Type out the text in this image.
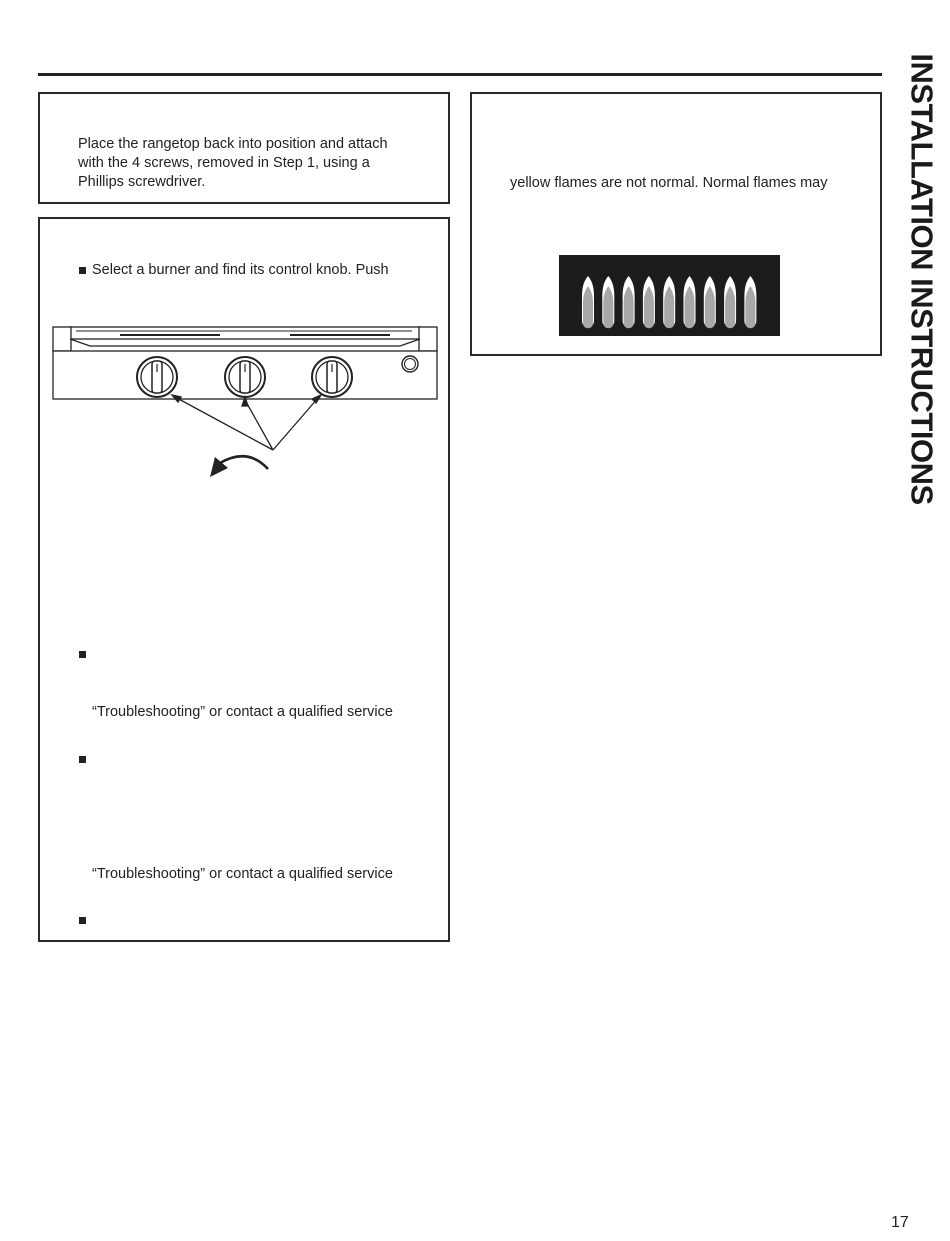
Place the rangetop back into position and attach

with the 4 screws, removed in Step 1, using a

Phillips screwdriver.

Select a burner and find its control knob. Push

“Troubleshooting” or contact a qualified service

“Troubleshooting” or contact a qualified service

yellow flames are not normal. Normal flames may	INSTALLATION INSTRUCTIONS
17
